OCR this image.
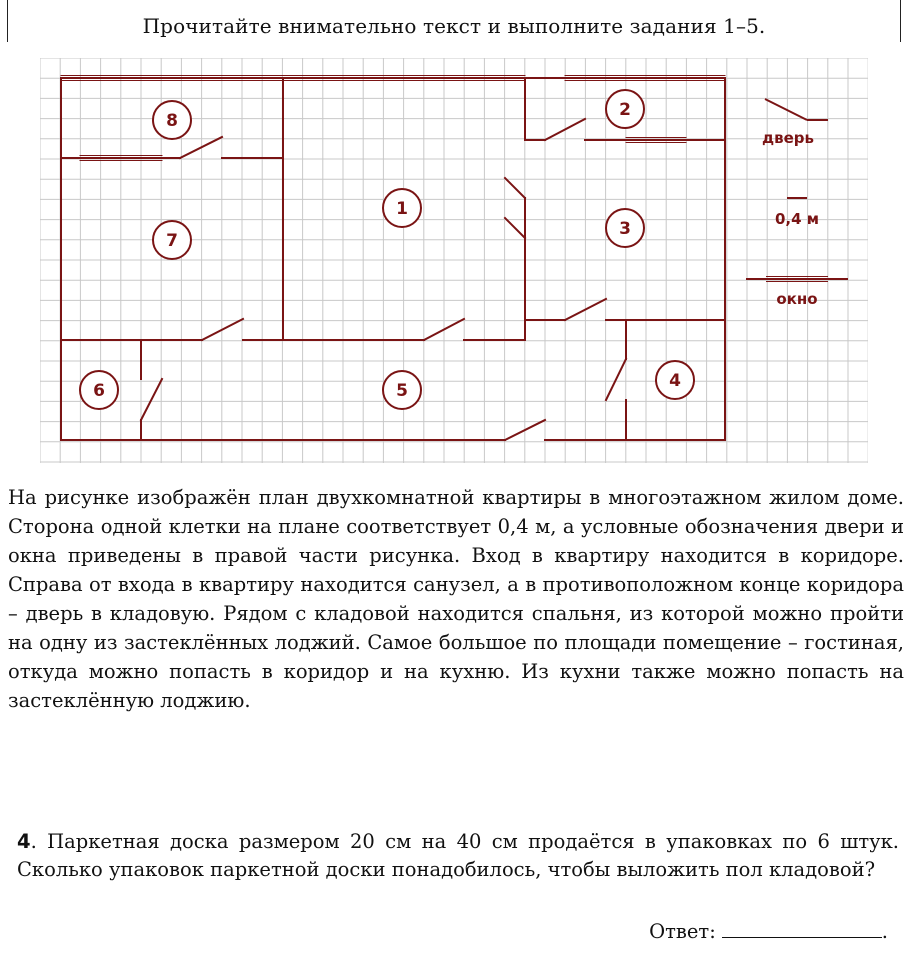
Прочитайте внимательно текст и выполните задания 1–5.
8
7
1
2
3
6	5	4
дверь
0,4 м
окно

На рисунке изображён план двухкомнатной квартиры в многоэтажном жилом доме. Сторона одной клетки на плане соответствует 0,4 м, а условные обозначения двери и окна приведены в правой части рисунка. Вход в квартиру находится в коридоре. Справа от входа в квартиру находится санузел, а в противоположном конце коридора – дверь в кладовую. Рядом с кладовой находится спальня, из которой можно пройти на одну из застеклённых лоджий. Самое большое по площади помещение – гостиная, откуда можно попасть в коридор и на кухню. Из кухни также можно попасть на застеклённую лоджию.

4. Паркетная доска размером 20 см на 40 см продаётся в упаковках по 6 штук. Сколько упаковок паркетной доски понадобилось, чтобы выложить пол кладовой?

Ответ:	.
